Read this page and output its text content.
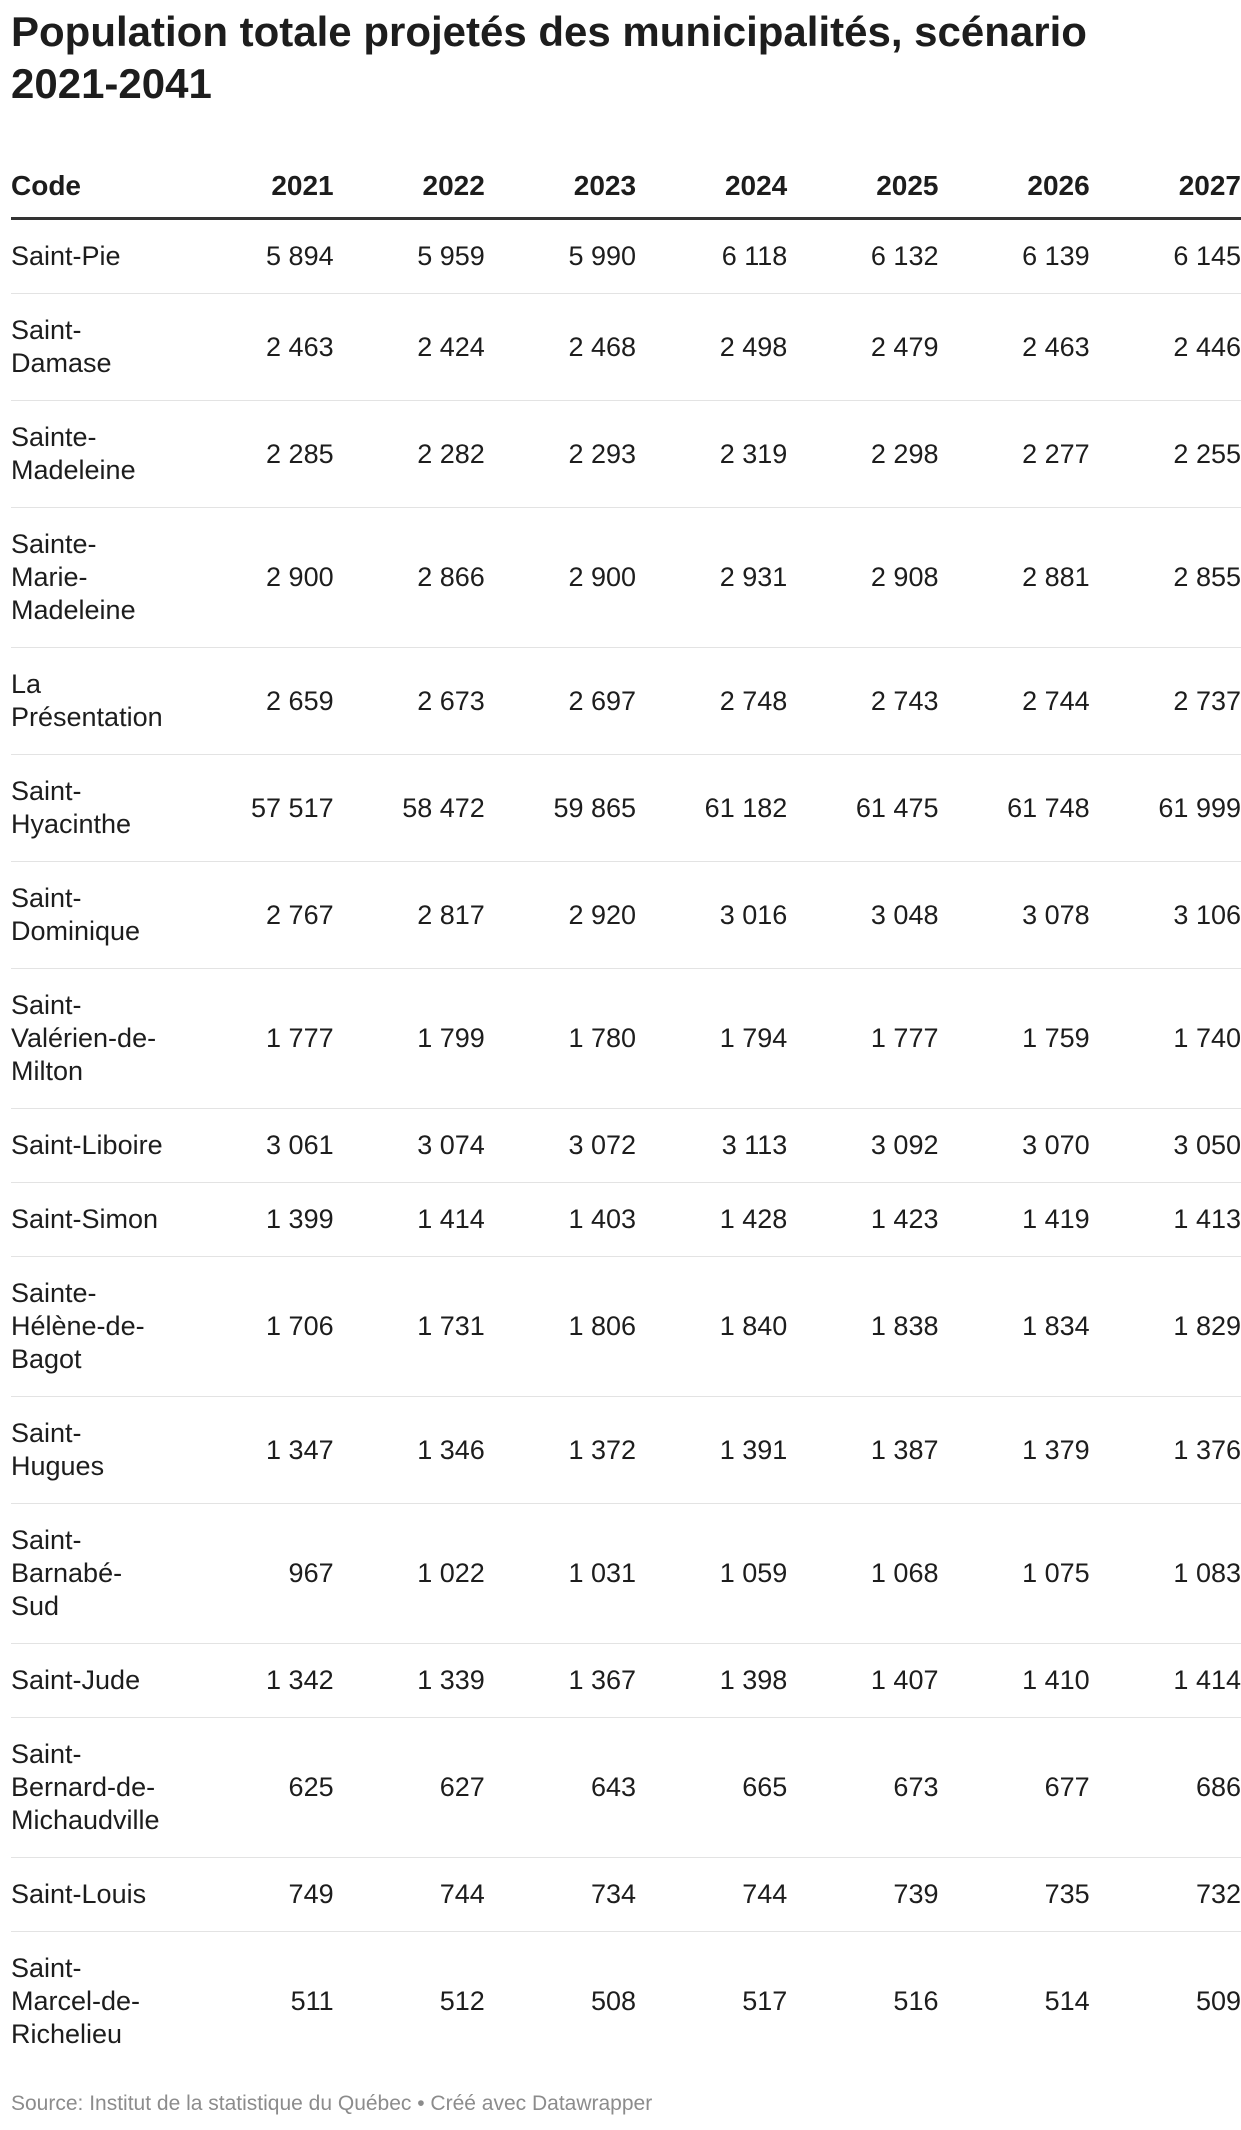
Population totale projetés des municipalités, scénario 2021-2041
Code	2021	2022	2023	2024	2025	2026	2027
Saint-Pie	5 894	5 959	5 990	6 118	6 132	6 139	6 145
Saint-
Damase	2 463	2 424	2 468	2 498	2 479	2 463	2 446
Sainte-
Madeleine	2 285	2 282	2 293	2 319	2 298	2 277	2 255
Sainte-
Marie-
Madeleine	2 900	2 866	2 900	2 931	2 908	2 881	2 855
La
Présentation	2 659	2 673	2 697	2 748	2 743	2 744	2 737
Saint-
Hyacinthe	57 517	58 472	59 865	61 182	61 475	61 748	61 999
Saint-
Dominique	2 767	2 817	2 920	3 016	3 048	3 078	3 106
Saint-
Valérien-de-
Milton	1 777	1 799	1 780	1 794	1 777	1 759	1 740
Saint-Liboire	3 061	3 074	3 072	3 113	3 092	3 070	3 050
Saint-Simon	1 399	1 414	1 403	1 428	1 423	1 419	1 413
Sainte-
Hélène-de-
Bagot	1 706	1 731	1 806	1 840	1 838	1 834	1 829
Saint-
Hugues	1 347	1 346	1 372	1 391	1 387	1 379	1 376
Saint-
Barnabé-
Sud	967	1 022	1 031	1 059	1 068	1 075	1 083
Saint-Jude	1 342	1 339	1 367	1 398	1 407	1 410	1 414
Saint-
Bernard-de-
Michaudville	625	627	643	665	673	677	686
Saint-Louis	749	744	734	744	739	735	732
Saint-
Marcel-de-
Richelieu	511	512	508	517	516	514	509
Source: Institut de la statistique du Québec • Créé avec Datawrapper
